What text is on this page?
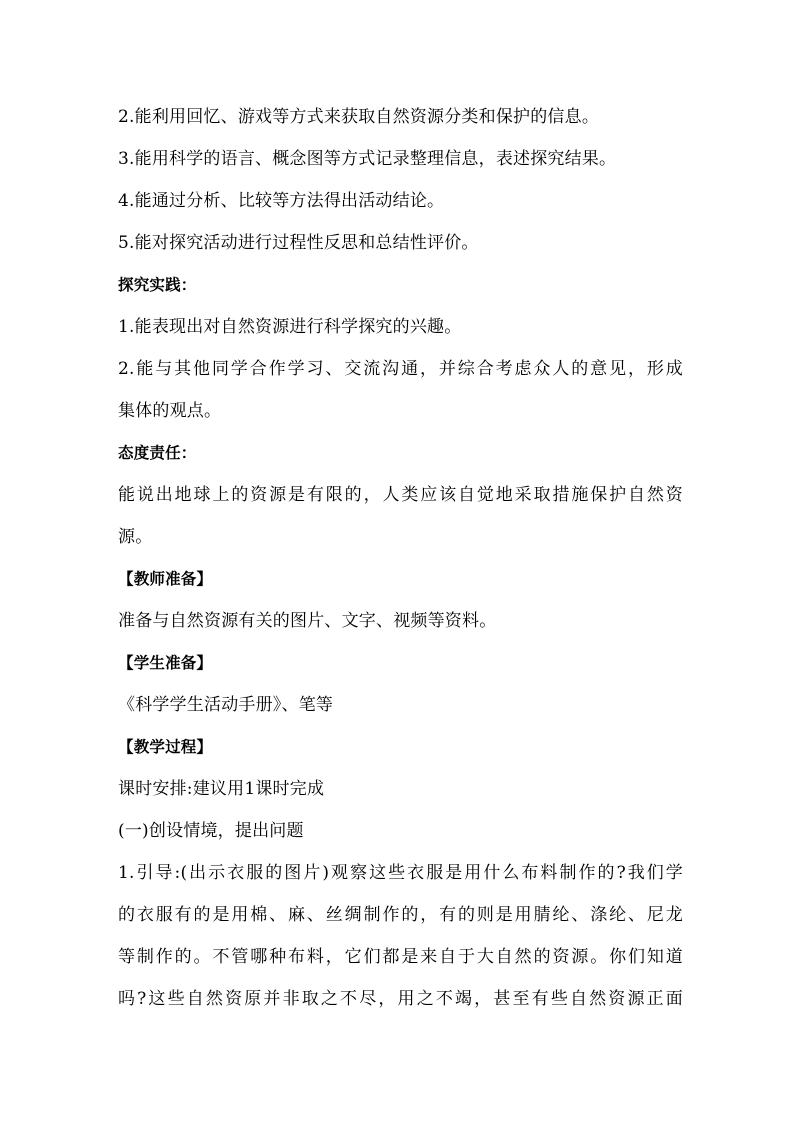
2.能利用回忆、游戏等方式来获取自然资源分类和保护的信息。
3.能用科学的语言、概念图等方式记录整理信息，表述探究结果。
4.能通过分析、比较等方法得出活动结论。
5.能对探究活动进行过程性反思和总结性评价。
探究实践：
1.能表现出对自然资源进行科学探究的兴趣。
2.能与其他同学合作学习、交流沟通，并综合考虑众人的意见，形成
集体的观点。
态度责任：
能说出地球上的资源是有限的，人类应该自觉地采取措施保护自然资
源。
【教师准备】
准备与自然资源有关的图片、文字、视频等资料。
【学生准备】
《科学学生活动手册》、笔等
【教学过程】
课时安排:建议用1课时完成
(一)创设情境，提出问题
1.引导:(出示衣服的图片)观察这些衣服是用什么布料制作的?我们学
的衣服有的是用棉、麻、丝绸制作的，有的则是用腈纶、涤纶、尼龙
等制作的。不管哪种布料，它们都是来自于大自然的资源。你们知道
吗?这些自然资原并非取之不尽，用之不竭，甚至有些自然资源正面
